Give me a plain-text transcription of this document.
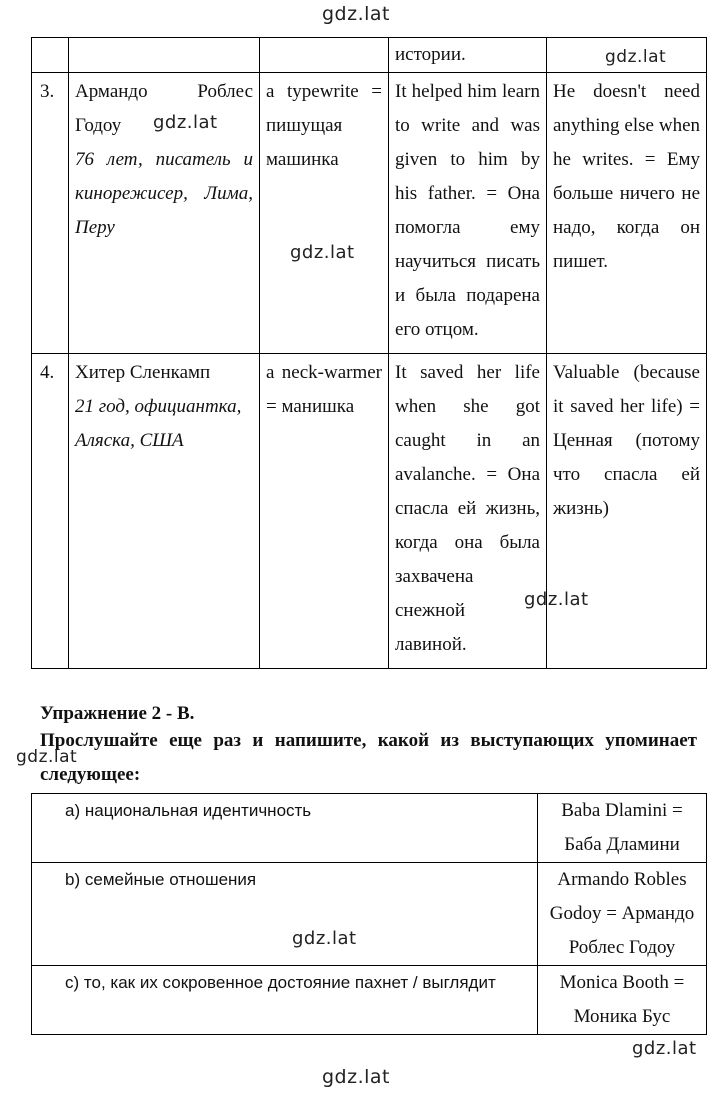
gdz.lat
gdz.lat
gdz.lat
gdz.lat
gdz.lat
gdz.lat
gdz.lat
gdz.lat
gdz.lat
			истории.	
3.	Армандо Роблес
Годоу
76 лет, писатель и кинорежисер, Лима, Перу	a typewrite = пишущая машинка	It helped him learn to write and was given to him by his father. = Она помогла ему научиться писать и была подарена его отцом.	He doesn't need anything else when he writes. = Ему больше ничего не надо, когда он пишет.
4.	Хитер Сленкамп
21 год, официантка, Аляска, США	a neck-warmer = манишка	It saved her life when she got caught in an avalanche. = Она спасла ей жизнь, когда она была захвачена снежной лавиной.	Valuable (because it saved her life) = Ценная (потому что спасла ей жизнь)
Упражнение 2 - B.
Прослушайте еще раз и напишите, какой из выступающих упоминает следующее:
a) национальная идентичность	Baba Dlamini = Баба Дламини
b) семейные отношения	Armando Robles Godoy = Армандо Роблес Годоу
c) то, как их сокровенное достояние пахнет / выглядит	Monica Booth = Моника Бус
